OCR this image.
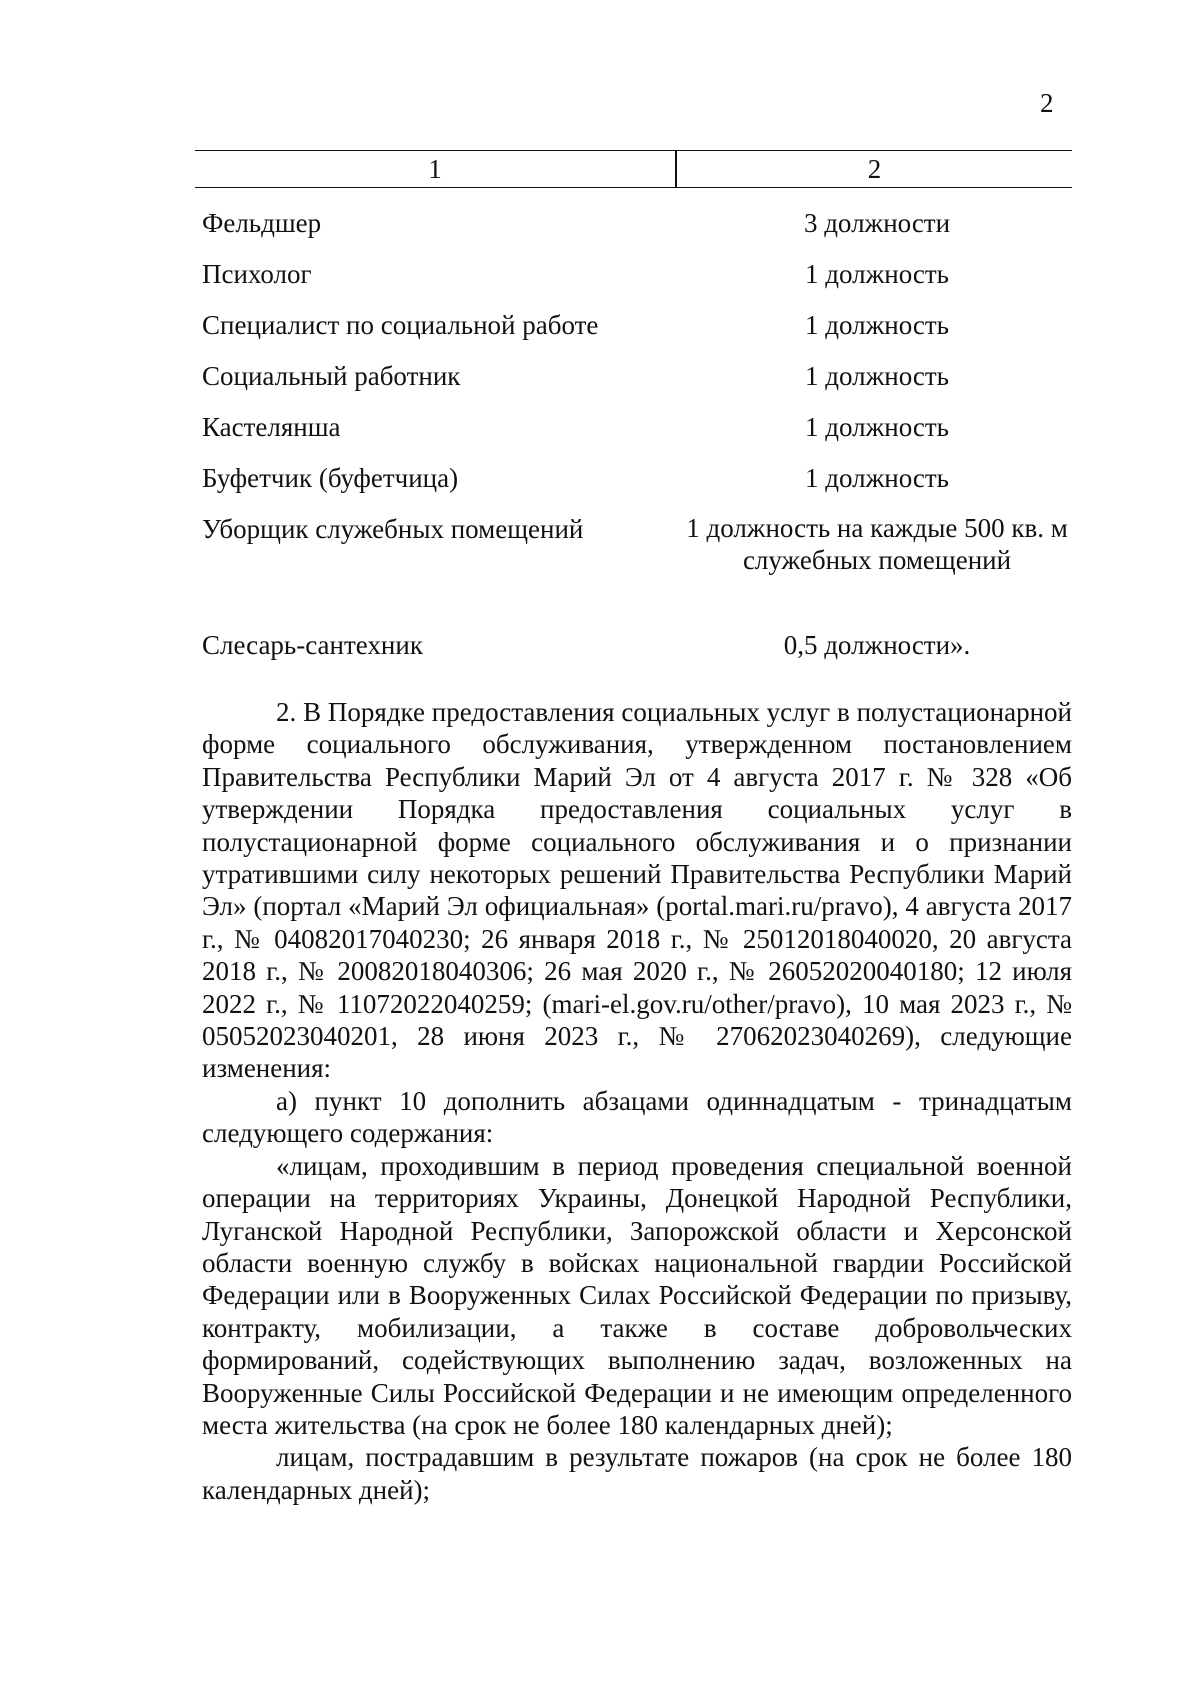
2
1	2
Фельдшер	3 должности
Психолог	1 должность
Специалист по социальной работе	1 должность
Социальный работник	1 должность
Кастелянша	1 должность
Буфетчик (буфетчица)	1 должность
Уборщик служебных помещений	1 должность на каждые 500 кв. м служебных помещений
Слесарь-сантехник	0,5 должности».

2. В Порядке предоставления социальных услуг в полустационарной форме социального обслуживания, утвержденном постановлением Правительства Республики Марий Эл от 4 августа 2017 г. № 328 «Об утверждении Порядка предоставления социальных услуг в полустационарной форме социального обслуживания и о признании утратившими силу некоторых решений Правительства Республики Марий Эл» (портал «Марий Эл официальная» (portal.mari.ru/pravo), 4 августа 2017 г., № 04082017040230; 26 января 2018 г., № 25012018040020, 20 августа 2018 г., № 20082018040306; 26 мая 2020 г., № 26052020040180; 12 июля 2022 г., № 11072022040259; (mari-el.gov.ru/other/pravo), 10 мая 2023 г., № 05052023040201, 28 июня 2023 г., № 27062023040269), следующие изменения:

а) пункт 10 дополнить абзацами одиннадцатым - тринадцатым следующего содержания:

«лицам, проходившим в период проведения специальной военной операции на территориях Украины, Донецкой Народной Республики, Луганской Народной Республики, Запорожской области и Херсонской области военную службу в войсках национальной гвардии Российской Федерации или в Вооруженных Силах Российской Федерации по призыву, контракту, мобилизации, а также в составе добровольческих формирований, содействующих выполнению задач, возложенных на Вооруженные Силы Российской Федерации и не имеющим определенного места жительства (на срок не более 180 календарных дней);

лицам, пострадавшим в результате пожаров (на срок не более 180 календарных дней);
